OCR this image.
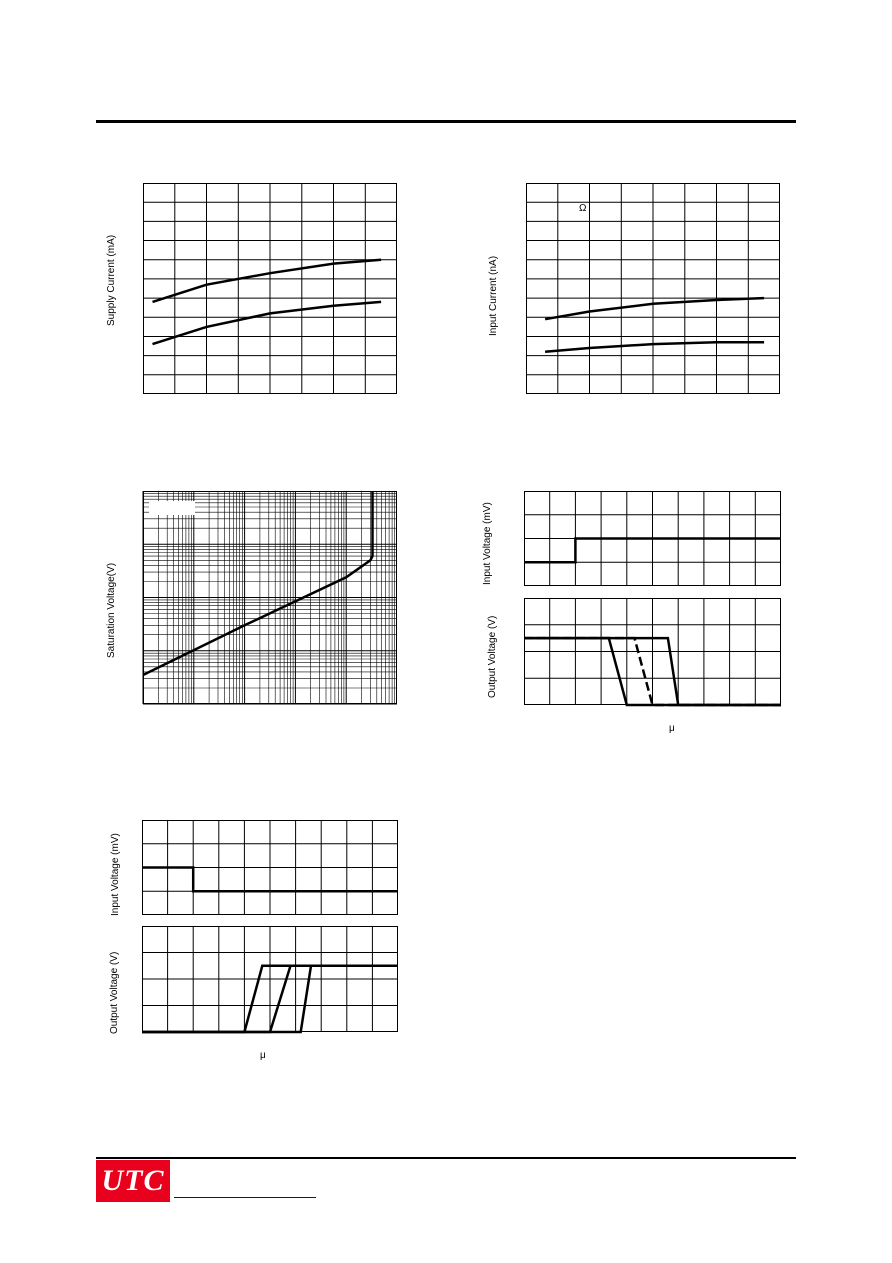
Supply Current (mA)	Input Current (nA)
Ω
Saturation Voltage(V)
Input Voltage (mV)
Output Voltage (V)
μ
Input Voltage (mV)
Output Voltage (V)
μ
UTC
